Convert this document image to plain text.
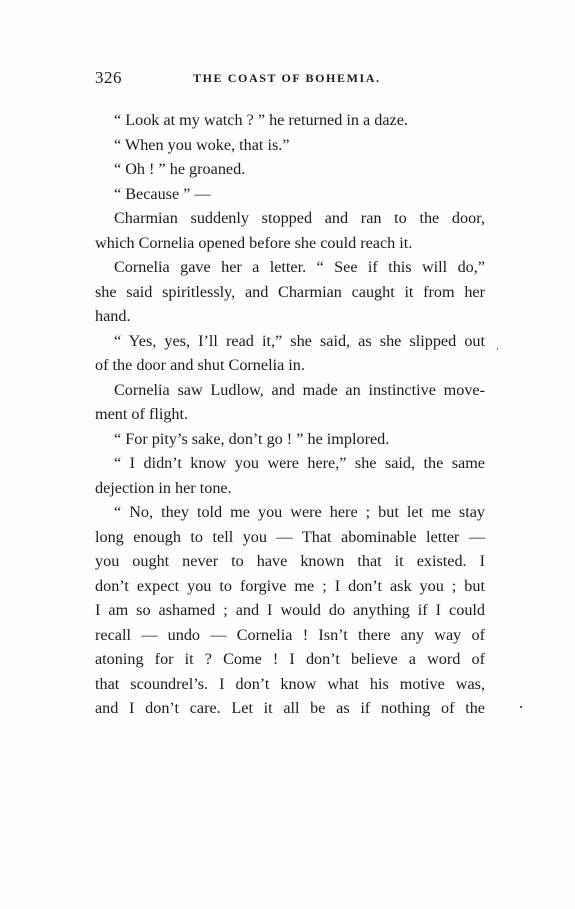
326	THE COAST OF BOHEMIA.
“ Look at my watch ? ” he returned in a daze.
“ When you woke, that is.”
“ Oh ! ” he groaned.
“ Because ” —
Charmian suddenly stopped and ran to the door,
which Cornelia opened before she could reach it.
Cornelia gave her a letter. “ See if this will do,”
she said spiritlessly, and Charmian caught it from her
hand.
“ Yes, yes, I’ll read it,” she said, as she slipped out
of the door and shut Cornelia in.
Cornelia saw Ludlow, and made an instinctive move-
ment of flight.
“ For pity’s sake, don’t go ! ” he implored.
“ I didn’t know you were here,” she said, the same
dejection in her tone.
“ No, they told me you were here ; but let me stay
long enough to tell you — That abominable letter —
you ought never to have known that it existed. I
don’t expect you to forgive me ; I don’t ask you ; but
I am so ashamed ; and I would do anything if I could
recall — undo — Cornelia ! Isn’t there any way of
atoning for it ? Come ! I don’t believe a word of
that scoundrel’s. I don’t know what his motive was,
and I don’t care. Let it all be as if nothing of the
